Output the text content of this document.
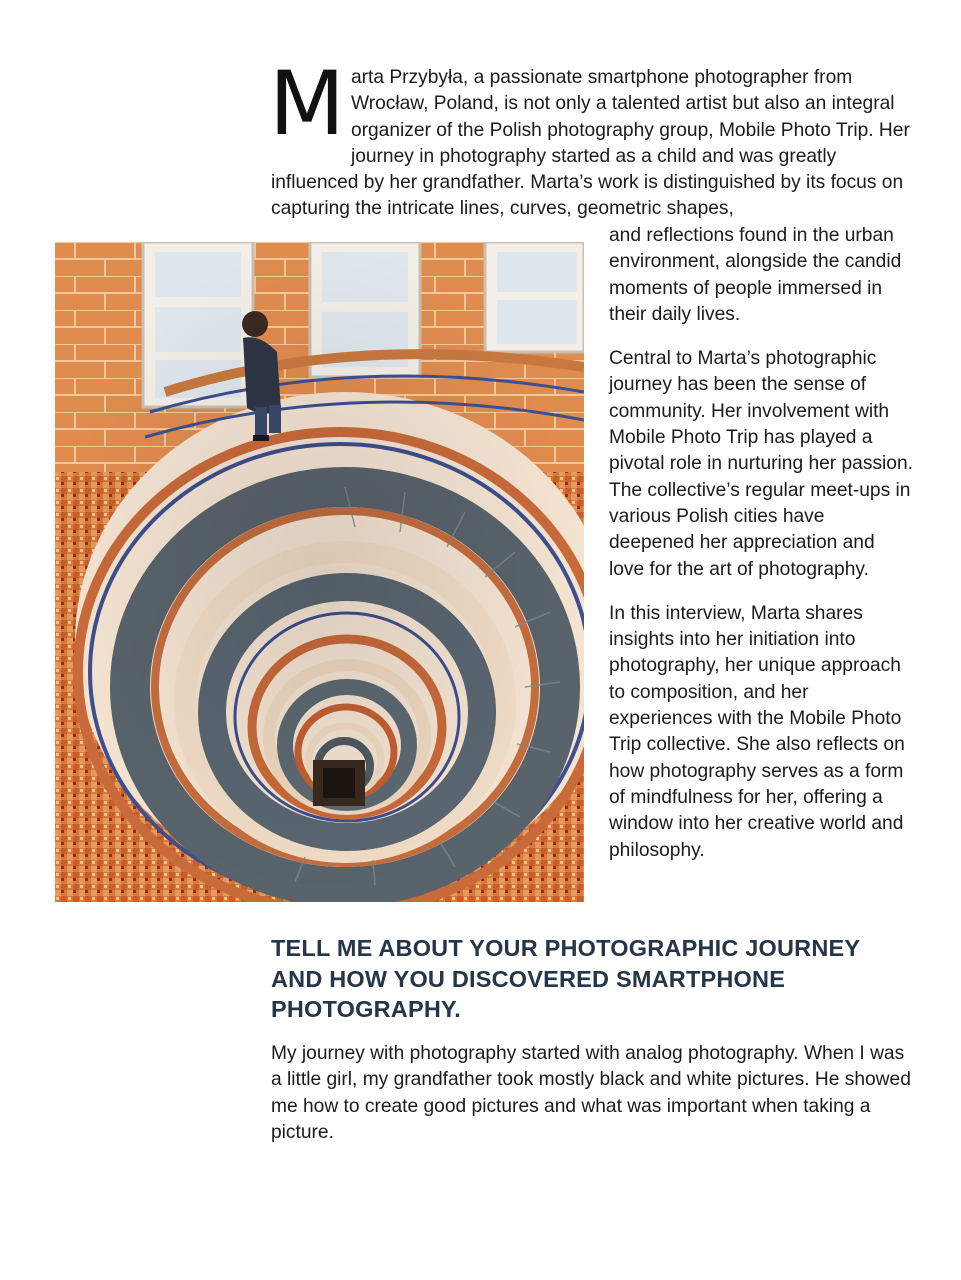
Marta Przybyła, a passionate smartphone photographer from Wrocław, Poland, is not only a talented artist but also an integral organizer of the Polish photography group, Mobile Photo Trip. Her journey in photography started as a child and was greatly influenced by her grandfather. Marta’s work is distinguished by its focus on capturing the intricate lines, curves, geometric shapes,

and reflections found in the urban environment, alongside the candid moments of people immersed in their daily lives.

Central to Marta’s photographic journey has been the sense of community. Her involvement with Mobile Photo Trip has played a pivotal role in nurturing her passion. The collective’s regular meet-ups in various Polish cities have deepened her appreciation and love for the art of photography.

In this interview, Marta shares insights into her initiation into photography, her unique approach to composition, and her experiences with the Mobile Photo Trip collective. She also reflects on how photography serves as a form of mindfulness for her, offering a window into her creative world and philosophy.

TELL ME ABOUT YOUR PHOTOGRAPHIC JOURNEY AND HOW YOU DISCOVERED SMARTPHONE PHOTOGRAPHY.

My journey with photography started with analog photography. When I was a little girl, my grandfather took mostly black and white pictures. He showed me how to create good pictures and what was important when taking a picture.
